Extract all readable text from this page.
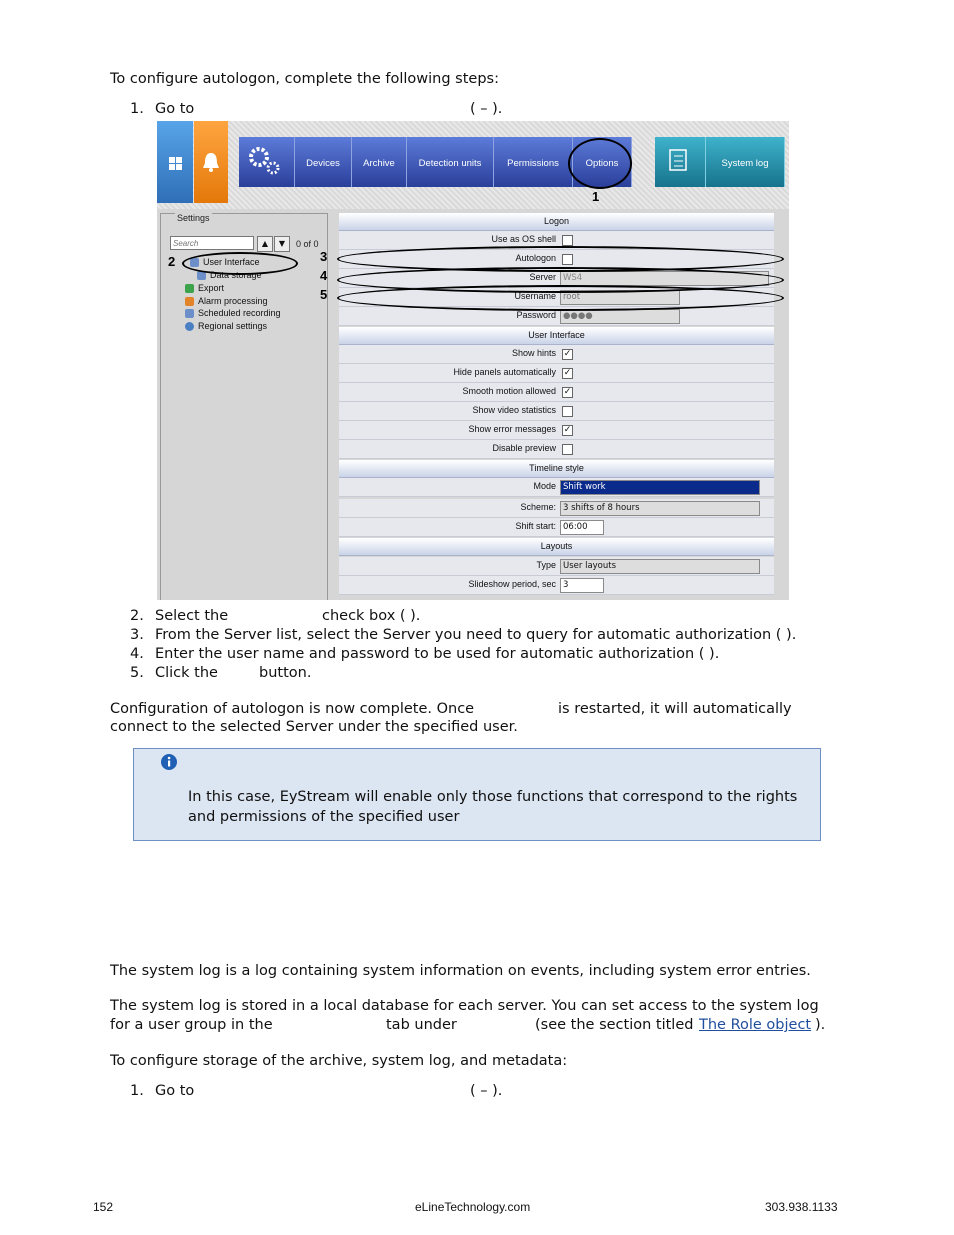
To configure autologon, complete the following steps:
1. Go to	( – ).
Devices	Archive	Detection units	Permissions	Options	System log
1
Settings
Search
▲	▼	0 of 0
User Interface
Data storage
Export
Alarm processing
Scheduled recording
Regional settings
2
Logon
Use as OS shell
Autologon
Server WS4
Username root
Password ●●●●
User Interface
Show hints ✓
Hide panels automatically ✓
Smooth motion allowed ✓
Show video statistics
Show error messages ✓
Disable preview
Timeline style
Mode Shift work
Scheme: 3 shifts of 8 hours
Shift start: 06:00
Layouts
Type User layouts
Slideshow period, sec 3
3
4
5
2. Select the	check box ( ).
3. From the Server list, select the Server you need to query for automatic authorization ( ).
4. Enter the user name and password to be used for automatic authorization ( ).
5. Click the	button.
Configuration of autologon is now complete. Once	is restarted, it will automatically
connect to the selected Server under the specified user.
In this case, EyStream will enable only those functions that correspond to the rights
and permissions of the specified user
The system log is a log containing system information on events, including system error entries.
The system log is stored in a local database for each server. You can set access to the system log
for a user group in the	tab under	(see the section titled The Role object ).
To configure storage of the archive, system log, and metadata:
1. Go to	( – ).
152	eLineTechnology.com	303.938.1133
